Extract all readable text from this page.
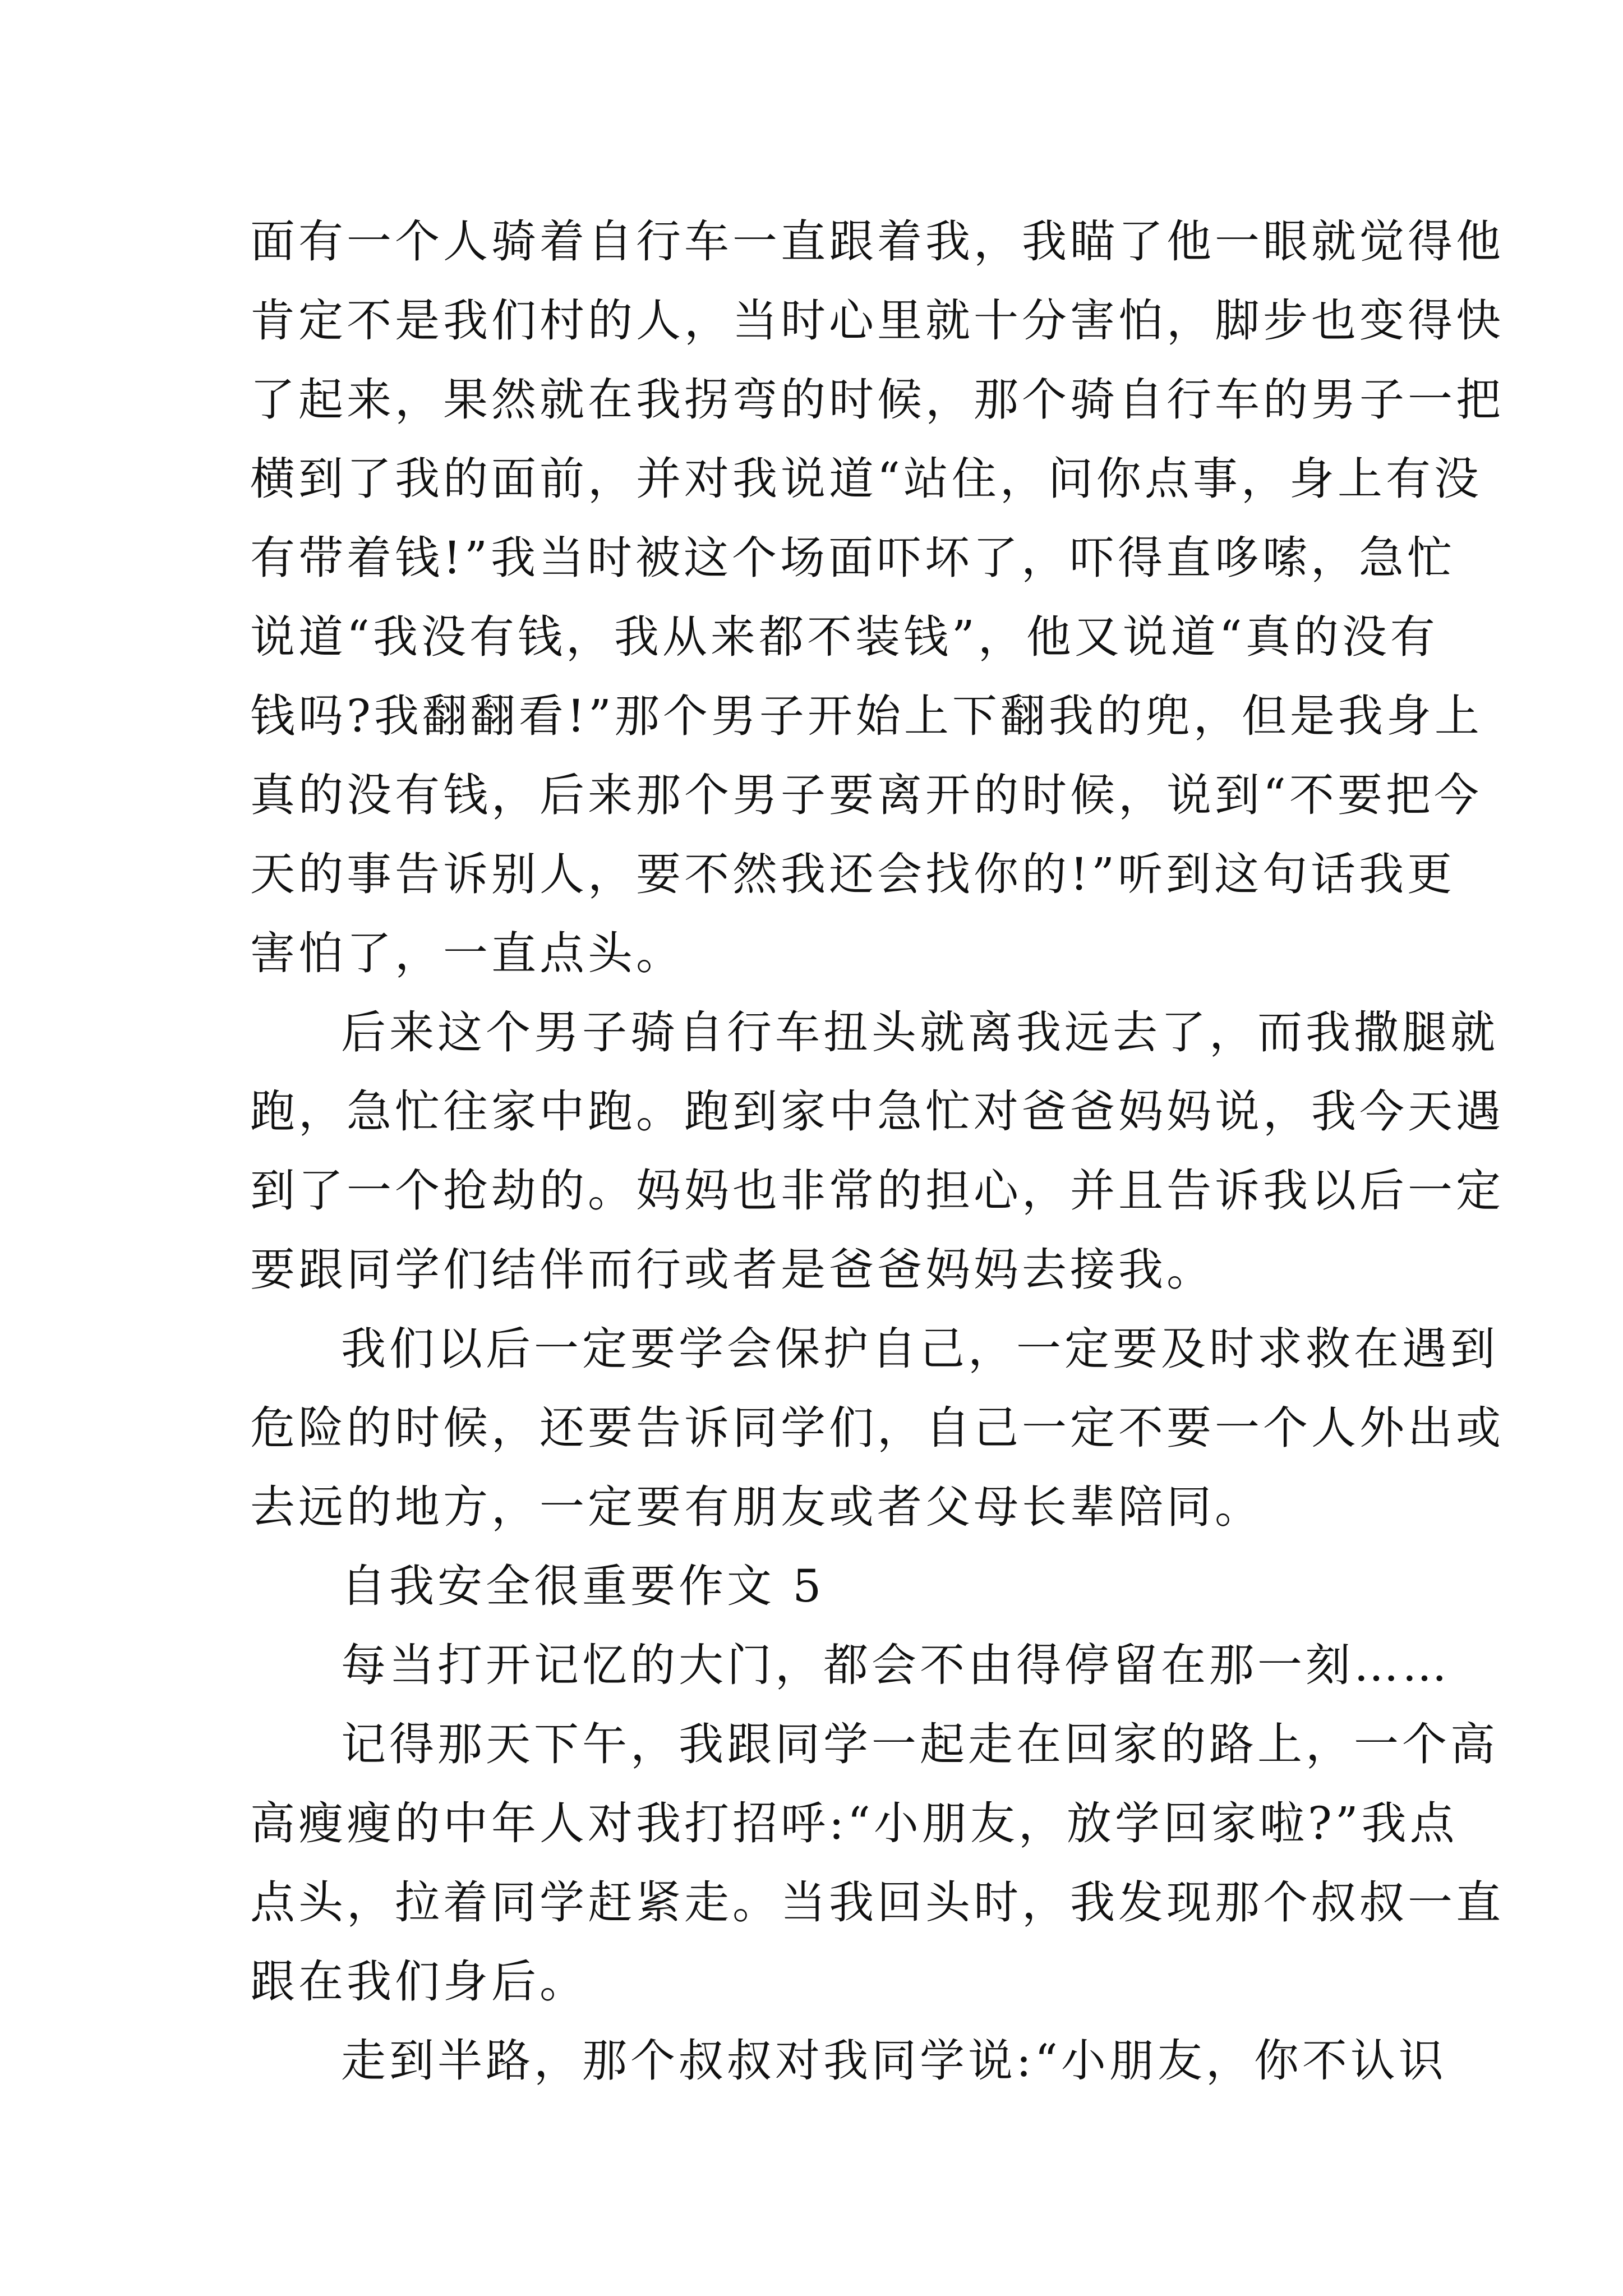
面有一个人骑着自行车一直跟着我，我瞄了他一眼就觉得他
肯定不是我们村的人，当时心里就十分害怕，脚步也变得快
了起来，果然就在我拐弯的时候，那个骑自行车的男子一把
横到了我的面前，并对我说道“站住，问你点事，身上有没
有带着钱!”我当时被这个场面吓坏了，吓得直哆嗦，急忙
说道“我没有钱，我从来都不装钱”，他又说道“真的没有
钱吗?我翻翻看!”那个男子开始上下翻我的兜，但是我身上
真的没有钱，后来那个男子要离开的时候，说到“不要把今
天的事告诉别人，要不然我还会找你的!”听到这句话我更
害怕了，一直点头。
后来这个男子骑自行车扭头就离我远去了，而我撒腿就
跑，急忙往家中跑。跑到家中急忙对爸爸妈妈说，我今天遇
到了一个抢劫的。妈妈也非常的担心，并且告诉我以后一定
要跟同学们结伴而行或者是爸爸妈妈去接我。
我们以后一定要学会保护自己，一定要及时求救在遇到
危险的时候，还要告诉同学们，自己一定不要一个人外出或
去远的地方，一定要有朋友或者父母长辈陪同。
自我安全很重要作文 5
每当打开记忆的大门，都会不由得停留在那一刻……
记得那天下午，我跟同学一起走在回家的路上，一个高
高瘦瘦的中年人对我打招呼:“小朋友，放学回家啦?”我点
点头，拉着同学赶紧走。当我回头时，我发现那个叔叔一直
跟在我们身后。
走到半路，那个叔叔对我同学说:“小朋友，你不认识
